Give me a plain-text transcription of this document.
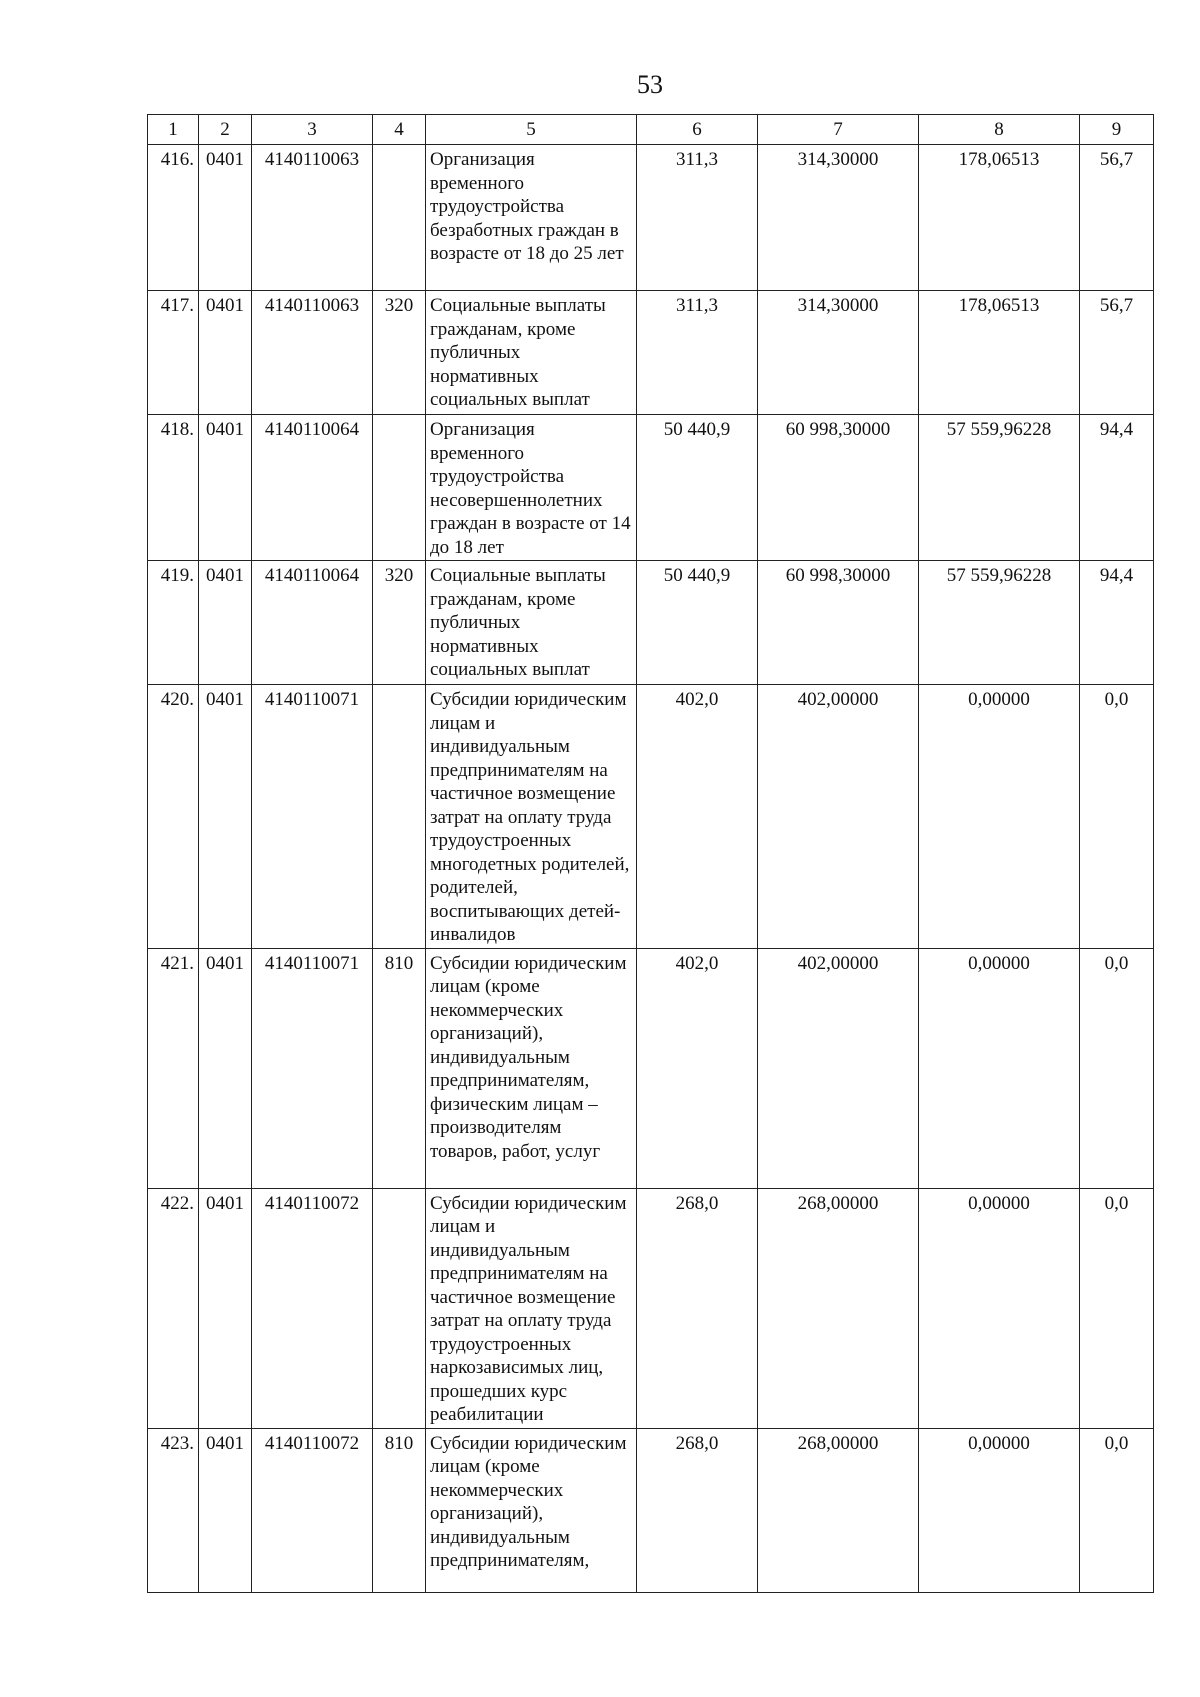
53
1	2	3	4	5	6	7	8	9
416.	0401	4140110063		Организация временного трудоустройства безработных граждан в возрасте от 18 до 25 лет	311,3	314,30000	178,06513	56,7
417.	0401	4140110063	320	Социальные выплаты гражданам, кроме публичных нормативных социальных выплат	311,3	314,30000	178,06513	56,7
418.	0401	4140110064		Организация временного трудоустройства несовершеннолетних граждан в возрасте от 14 до 18 лет	50 440,9	60 998,30000	57 559,96228	94,4
419.	0401	4140110064	320	Социальные выплаты гражданам, кроме публичных нормативных социальных выплат	50 440,9	60 998,30000	57 559,96228	94,4
420.	0401	4140110071		Субсидии юридическим лицам и индивидуальным предпринимателям на частичное возмещение затрат на оплату труда трудоустроенных многодетных родителей, родителей, воспитывающих детей-инвалидов	402,0	402,00000	0,00000	0,0
421.	0401	4140110071	810	Субсидии юридическим лицам (кроме некоммерческих организаций), индивидуальным предпринимателям, физическим лицам – производителям товаров, работ, услуг	402,0	402,00000	0,00000	0,0
422.	0401	4140110072		Субсидии юридическим лицам и индивидуальным предпринимателям на частичное возмещение затрат на оплату труда трудоустроенных наркозависимых лиц, прошедших курс реабилитации	268,0	268,00000	0,00000	0,0
423.	0401	4140110072	810	Субсидии юридическим лицам (кроме некоммерческих организаций), индивидуальным предпринимателям,	268,0	268,00000	0,00000	0,0
